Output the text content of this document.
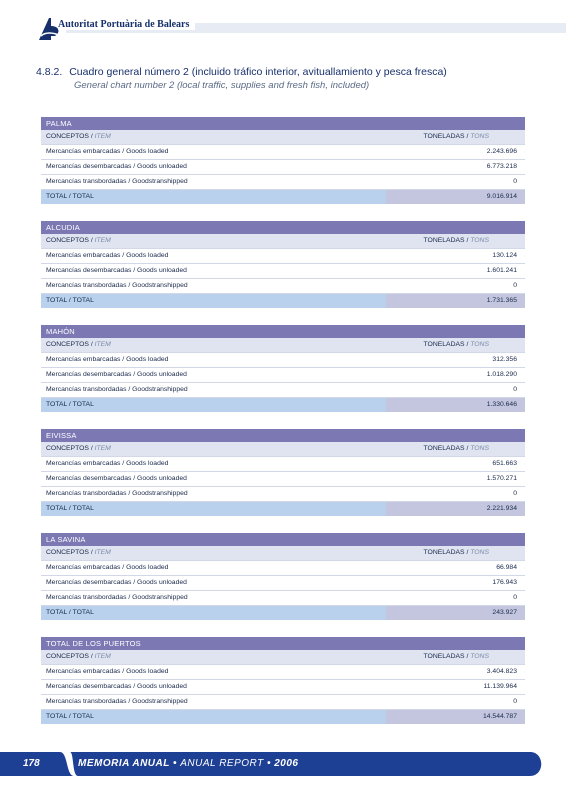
Autoritat Portuària de Balears
4.8.2. Cuadro general número 2 (incluido tráfico interior, avituallamiento y pesca fresca)
General chart number 2 (local traffic, supplies and fresh fish, included)
PALMA
CONCEPTOS / ITEM	TONELADAS / TONS
Mercancías embarcadas / Goods loaded	2.243.696
Mercancías desembarcadas / Goods unloaded	6.773.218
Mercancías transbordadas / Goodstranshipped	0
TOTAL / TOTAL	9.016.914
ALCUDIA
CONCEPTOS / ITEM	TONELADAS / TONS
Mercancías embarcadas / Goods loaded	130.124
Mercancías desembarcadas / Goods unloaded	1.601.241
Mercancías transbordadas / Goodstranshipped	0
TOTAL / TOTAL	1.731.365
MAHÓN
CONCEPTOS / ITEM	TONELADAS / TONS
Mercancías embarcadas / Goods loaded	312.356
Mercancías desembarcadas / Goods unloaded	1.018.290
Mercancías transbordadas / Goodstranshipped	0
TOTAL / TOTAL	1.330.646
EIVISSA
CONCEPTOS / ITEM	TONELADAS / TONS
Mercancías embarcadas / Goods loaded	651.663
Mercancías desembarcadas / Goods unloaded	1.570.271
Mercancías transbordadas / Goodstranshipped	0
TOTAL / TOTAL	2.221.934
LA SAVINA
CONCEPTOS / ITEM	TONELADAS / TONS
Mercancías embarcadas / Goods loaded	66.984
Mercancías desembarcadas / Goods unloaded	176.943
Mercancías transbordadas / Goodstranshipped	0
TOTAL / TOTAL	243.927
TOTAL DE LOS PUERTOS
CONCEPTOS / ITEM	TONELADAS / TONS
Mercancías embarcadas / Goods loaded	3.404.823
Mercancías desembarcadas / Goods unloaded	11.139.964
Mercancías transbordadas / Goodstranshipped	0
TOTAL / TOTAL	14.544.787
178	MEMORIA ANUAL • ANUAL REPORT • 2006
